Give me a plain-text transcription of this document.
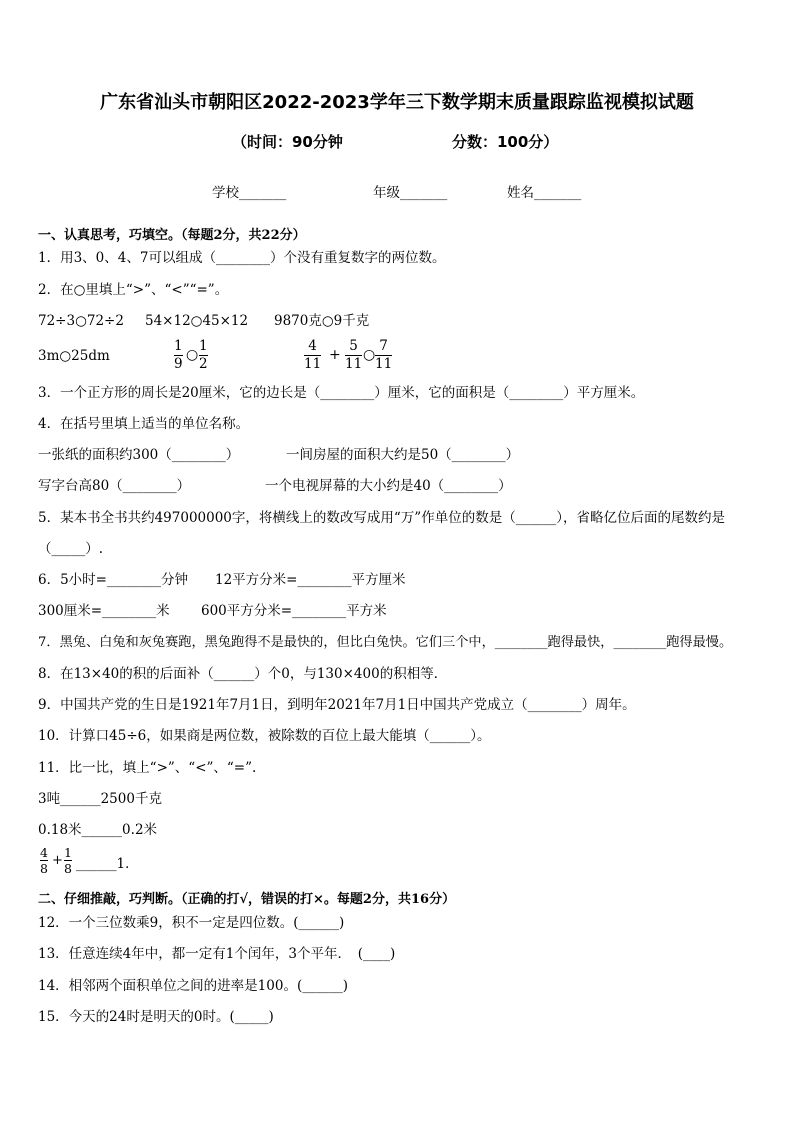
广东省汕头市朝阳区2022-2023学年三下数学期末质量跟踪监视模拟试题
（时间：90分钟	分数：100分）
学校_______	年级_______	姓名_______
一、认真思考，巧填空。（每题2分，共22分）
1．用3、0、4、7可以组成（________）个没有重复数字的两位数。
2．在○里填上“>”、“<”“=”。
72÷3○72÷2 54×12○45×12 9870克○9千克
3m○25dm
1
9
○
1
2
4
11
+
5
11
○
7
11
3．一个正方形的周长是20厘米，它的边长是（________）厘米，它的面积是（________）平方厘米。
4．在括号里填上适当的单位名称。
一张纸的面积约300（________）	一间房屋的面积大约是50（________）
写字台高80（________）	一个电视屏幕的大小约是40（________）
5．某本书全书共约497000000字，将横线上的数改写成用“万”作单位的数是（______），省略亿位后面的尾数约是
（_____）.
6．5小时=________分钟 12平方分米=________平方厘米
300厘米=________米 600平方分米=________平方米
7．黑兔、白兔和灰兔赛跑，黑兔跑得不是最快的，但比白兔快。它们三个中，________跑得最快，________跑得最慢。
8．在13×40的积的后面补（______）个0，与130×400的积相等．
9．中国共产党的生日是1921年7月1日，到明年2021年7月1日中国共产党成立（________）周年。
10．计算口45÷6，如果商是两位数，被除数的百位上最大能填（______）。
11．比一比，填上“>”、“<”、“=”.
3吨______2500千克
0.18米______0.2米
4
8
+
1
8 ______1．
二、仔细推敲，巧判断。（正确的打√，错误的打×。每题2分，共16分）
12．一个三位数乘9，积不一定是四位数。(______)
13．任意连续4年中，都一定有1个闰年，3个平年．　(____)
14．相邻两个面积单位之间的进率是100。(______)
15．今天的24时是明天的0时。(_____)
